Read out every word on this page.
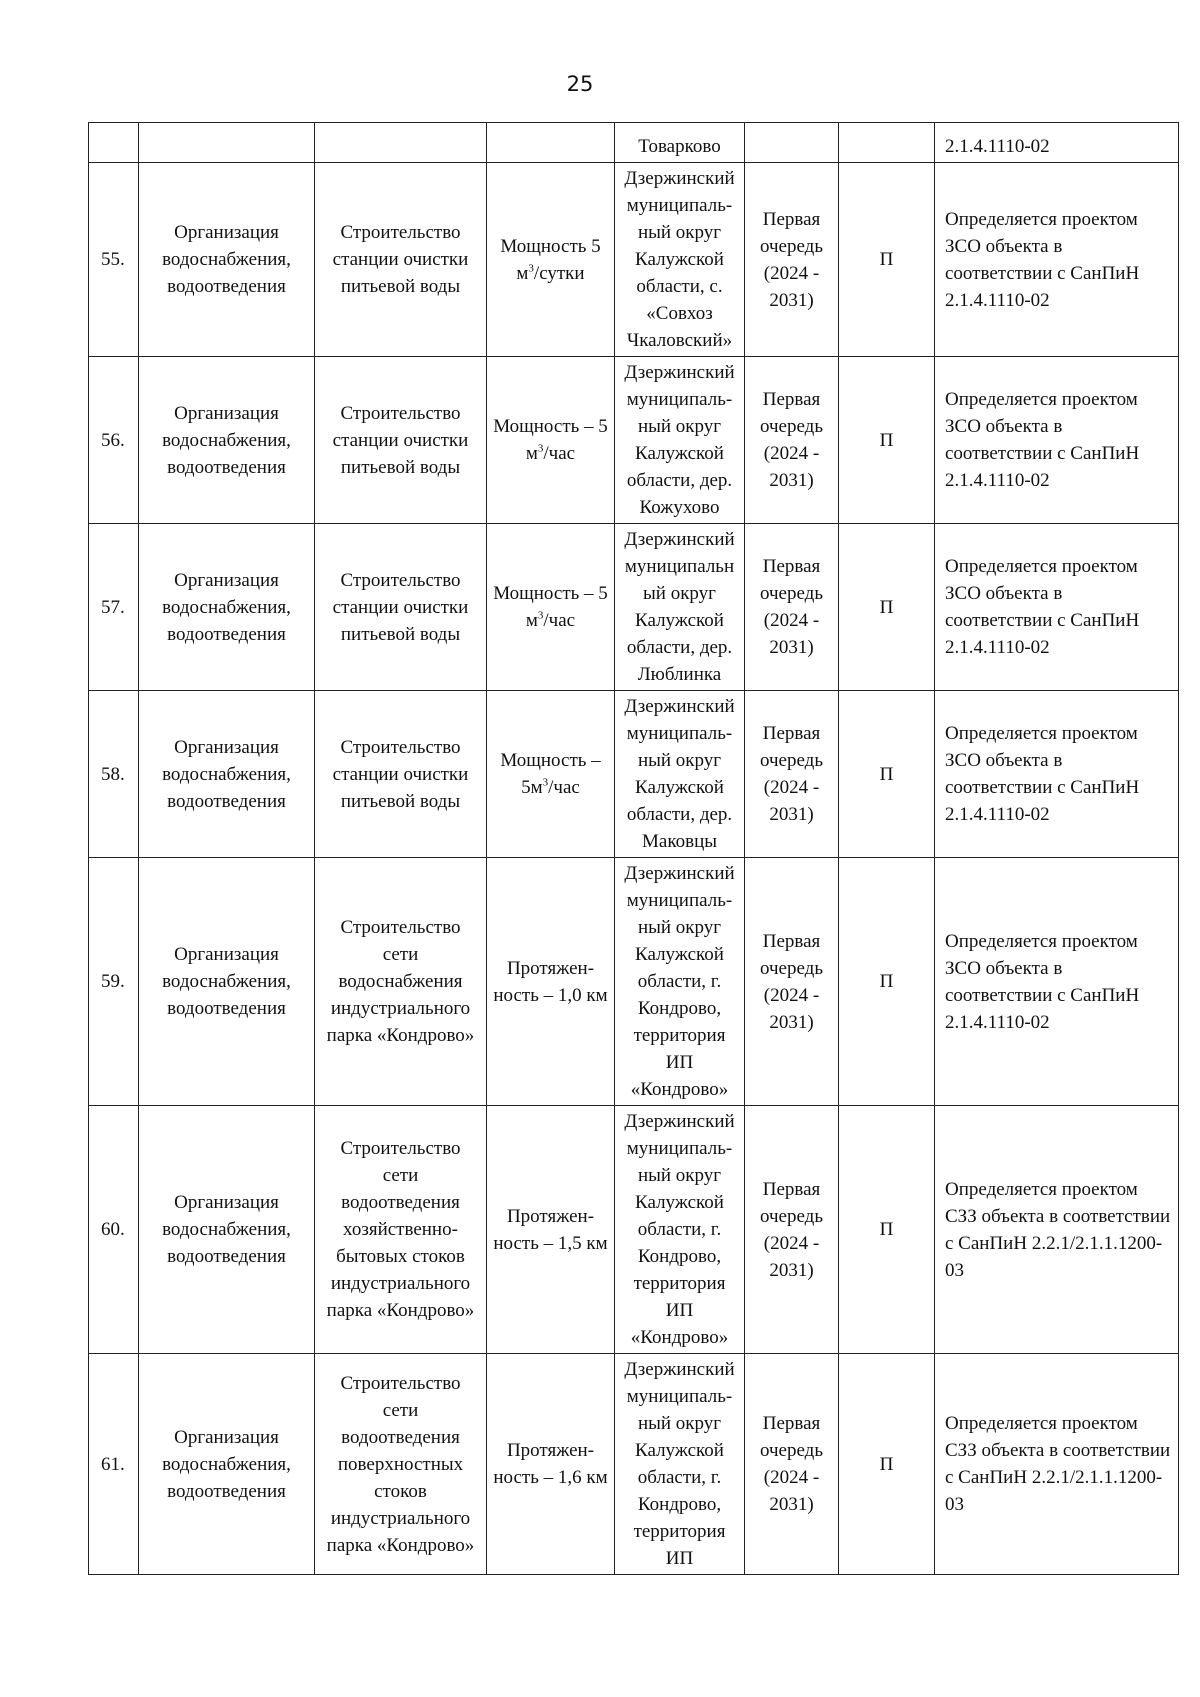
25
				Товарково			2.1.4.1110-02
55.	Организация водоснабжения, водоотведения	Строительство станции очистки питьевой воды	Мощность 5 $м^3$/сутки	Дзержинский муниципаль-ный округ Калужской области, с. «Совхоз Чкаловский»	Первая очередь (2024 - 2031)	П	Определяется проектом ЗСО объекта в соответствии с СанПиН 2.1.4.1110-02
56.	Организация водоснабжения, водоотведения	Строительство станции очистки питьевой воды	Мощность – 5 $м^3$/час	Дзержинский муниципаль-ный округ Калужской области, дер. Кожухово	Первая очередь (2024 - 2031)	П	Определяется проектом ЗСО объекта в соответствии с СанПиН 2.1.4.1110-02
57.	Организация водоснабжения, водоотведения	Строительство станции очистки питьевой воды	Мощность – 5 $м^3$/час	Дзержинский муниципальный округ Калужской области, дер. Люблинка	Первая очередь (2024 - 2031)	П	Определяется проектом ЗСО объекта в соответствии с СанПиН 2.1.4.1110-02
58.	Организация водоснабжения, водоотведения	Строительство станции очистки питьевой воды	Мощность – $5м^3$/час	Дзержинский муниципаль-ный округ Калужской области, дер. Маковцы	Первая очередь (2024 - 2031)	П	Определяется проектом ЗСО объекта в соответствии с СанПиН 2.1.4.1110-02
59.	Организация водоснабжения, водоотведения	Строительство сети водоснабжения индустриального парка «Кондрово»	Протяжен-ность – 1,0 км	Дзержинский муниципаль-ный округ Калужской области, г. Кондрово, территория ИП «Кондрово»	Первая очередь (2024 - 2031)	П	Определяется проектом ЗСО объекта в соответствии с СанПиН 2.1.4.1110-02
60.	Организация водоснабжения, водоотведения	Строительство сети водоотведения хозяйственно-бытовых стоков индустриального парка «Кондрово»	Протяжен-ность – 1,5 км	Дзержинский муниципаль-ный округ Калужской области, г. Кондрово, территория ИП «Кондрово»	Первая очередь (2024 - 2031)	П	Определяется проектом СЗЗ объекта в соответствии с СанПиН 2.2.1/2.1.1.1200-03
61.	Организация водоснабжения, водоотведения	Строительство сети водоотведения поверхностных стоков индустриального парка «Кондрово»	Протяжен-ность – 1,6 км	Дзержинский муниципаль-ный округ Калужской области, г. Кондрово, территория ИП	Первая очередь (2024 - 2031)	П	Определяется проектом СЗЗ объекта в соответствии с СанПиН 2.2.1/2.1.1.1200-03
